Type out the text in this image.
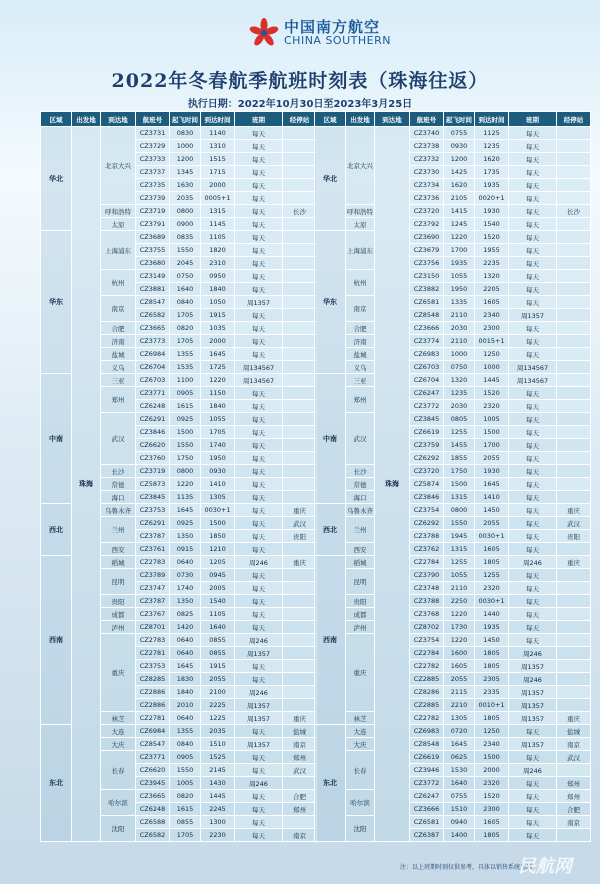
中国南方航空
CHINA SOUTHERN
2022年冬春航季航班时刻表（珠海往返）
执行日期：2022年10月30日至2023年3月25日
区域	出发地	到达地	航班号	起飞时间	到达时间	班期	经停站
华北	珠海	北京大兴	CZ3731	0830	1140	每天	
			CZ3729	1000	1310	每天	
			CZ3733	1200	1515	每天	
			CZ3737	1345	1715	每天	
			CZ3735	1630	2000	每天	
			CZ3739	2035	0005+1	每天	
		呼和浩特	CZ3719	0800	1315	每天	长沙
		太原	CZ3791	0900	1145	每天	
华东		上海浦东	CZ3689	0835	1105	每天	
			CZ3755	1550	1820	每天	
			CZ3680	2045	2310	每天	
		杭州	CZ3149	0750	0950	每天	
			CZ3881	1640	1840	每天	
		南京	CZ8547	0840	1050	周1357	
			CZ6582	1705	1915	每天	
		合肥	CZ3665	0820	1035	每天	
		济南	CZ3773	1705	2000	每天	
		盐城	CZ6984	1355	1645	每天	
		义乌	CZ6704	1535	1725	周134567	
中南		三亚	CZ6703	1100	1220	周134567	
		郑州	CZ3771	0905	1150	每天	
			CZ6248	1615	1840	每天	
		武汉	CZ6291	0925	1055	每天	
			CZ3846	1500	1705	每天	
			CZ6620	1550	1740	每天	
			CZ3760	1750	1950	每天	
		长沙	CZ3719	0800	0930	每天	
		常德	CZ5873	1220	1410	每天	
		海口	CZ3845	1135	1305	每天	
西北		乌鲁木齐	CZ3753	1645	0030+1	每天	重庆
		兰州	CZ6291	0925	1500	每天	武汉
			CZ3787	1350	1850	每天	贵阳
		西安	CZ3761	0915	1210	每天	
西南		稻城	CZ2783	0640	1205	周246	重庆
		昆明	CZ3789	0730	0945	每天	
			CZ3747	1740	2005	每天	
		贵阳	CZ3787	1350	1540	每天	
		成都	CZ3767	0825	1105	每天	
		泸州	CZ8701	1420	1640	每天	
		重庆	CZ2783	0640	0855	周246	
			CZ2781	0640	0855	周1357	
			CZ3753	1645	1915	每天	
			CZ8285	1830	2055	每天	
			CZ2886	1840	2100	周246	
			CZ2886	2010	2225	周1357	
		林芝	CZ2781	0640	1225	周1357	重庆
东北		大连	CZ6984	1355	2035	每天	盐城
		大庆	CZ8547	0840	1510	周1357	南京
		长春	CZ3771	0905	1525	每天	郑州
			CZ6620	1550	2145	每天	武汉
			CZ3945	1005	1430	周246	
		哈尔滨	CZ3665	0820	1445	每天	合肥
			CZ6248	1615	2245	每天	郑州
		沈阳	CZ6588	0855	1300	每天	
			CZ6582	1705	2230	每天	南京
区域	出发地	到达地	航班号	起飞时间	到达时间	班期	经停站
华北	北京大兴	珠海	CZ3740	0755	1125	每天	
			CZ3738	0930	1235	每天	
			CZ3732	1200	1620	每天	
			CZ3730	1425	1735	每天	
			CZ3734	1620	1935	每天	
			CZ3736	2105	0020+1	每天	
	呼和浩特		CZ3720	1415	1930	每天	长沙
	太原		CZ3792	1245	1540	每天	
华东	上海浦东		CZ3690	1220	1520	每天	
			CZ3679	1700	1955	每天	
			CZ3756	1935	2235	每天	
	杭州		CZ3150	1055	1320	每天	
			CZ3882	1950	2205	每天	
	南京		CZ6581	1335	1605	每天	
			CZ8548	2110	2340	周1357	
	合肥		CZ3666	2030	2300	每天	
	济南		CZ3774	2110	0015+1	每天	
	盐城		CZ6983	1000	1250	每天	
	义乌		CZ6703	0750	1000	周134567	
中南	三亚		CZ6704	1320	1445	周134567	
	郑州		CZ6247	1235	1520	每天	
			CZ3772	2030	2320	每天	
	武汉		CZ3845	0805	1005	每天	
			CZ6619	1255	1500	每天	
			CZ3759	1455	1700	每天	
			CZ6292	1855	2055	每天	
	长沙		CZ3720	1750	1930	每天	
	常德		CZ5874	1500	1645	每天	
	海口		CZ3846	1315	1410	每天	
西北	乌鲁木齐		CZ3754	0800	1450	每天	重庆
	兰州		CZ6292	1550	2055	每天	武汉
			CZ3788	1945	0030+1	每天	贵阳
	西安		CZ3762	1315	1605	每天	
西南	稻城		CZ2784	1255	1805	周246	重庆
	昆明		CZ3790	1055	1255	每天	
			CZ3748	2110	2320	每天	
	贵阳		CZ3788	2250	0030+1	每天	
	成都		CZ3768	1220	1440	每天	
	泸州		CZ8702	1730	1935	每天	
	重庆		CZ3754	1220	1450	每天	
			CZ2784	1600	1805	周246	
			CZ2782	1605	1805	周1357	
			CZ2885	2055	2305	周246	
			CZ8286	2115	2335	周1357	
			CZ2885	2210	0010+1	周1357	
	林芝		CZ2782	1305	1805	周1357	重庆
东北	大连		CZ6983	0720	1250	每天	盐城
	大庆		CZ8548	1645	2340	周1357	南京
	长春		CZ6619	0625	1500	每天	武汉
			CZ3946	1530	2000	周246	
			CZ3772	1640	2320	每天	郑州
	哈尔滨		CZ6247	0755	1520	每天	郑州
			CZ3666	1510	2300	每天	合肥
	沈阳		CZ6581	0940	1605	每天	南京
			CZ6387	1400	1805	每天	
注：以上班期时刻仅供参考，具体以销售系统为准
民航网
